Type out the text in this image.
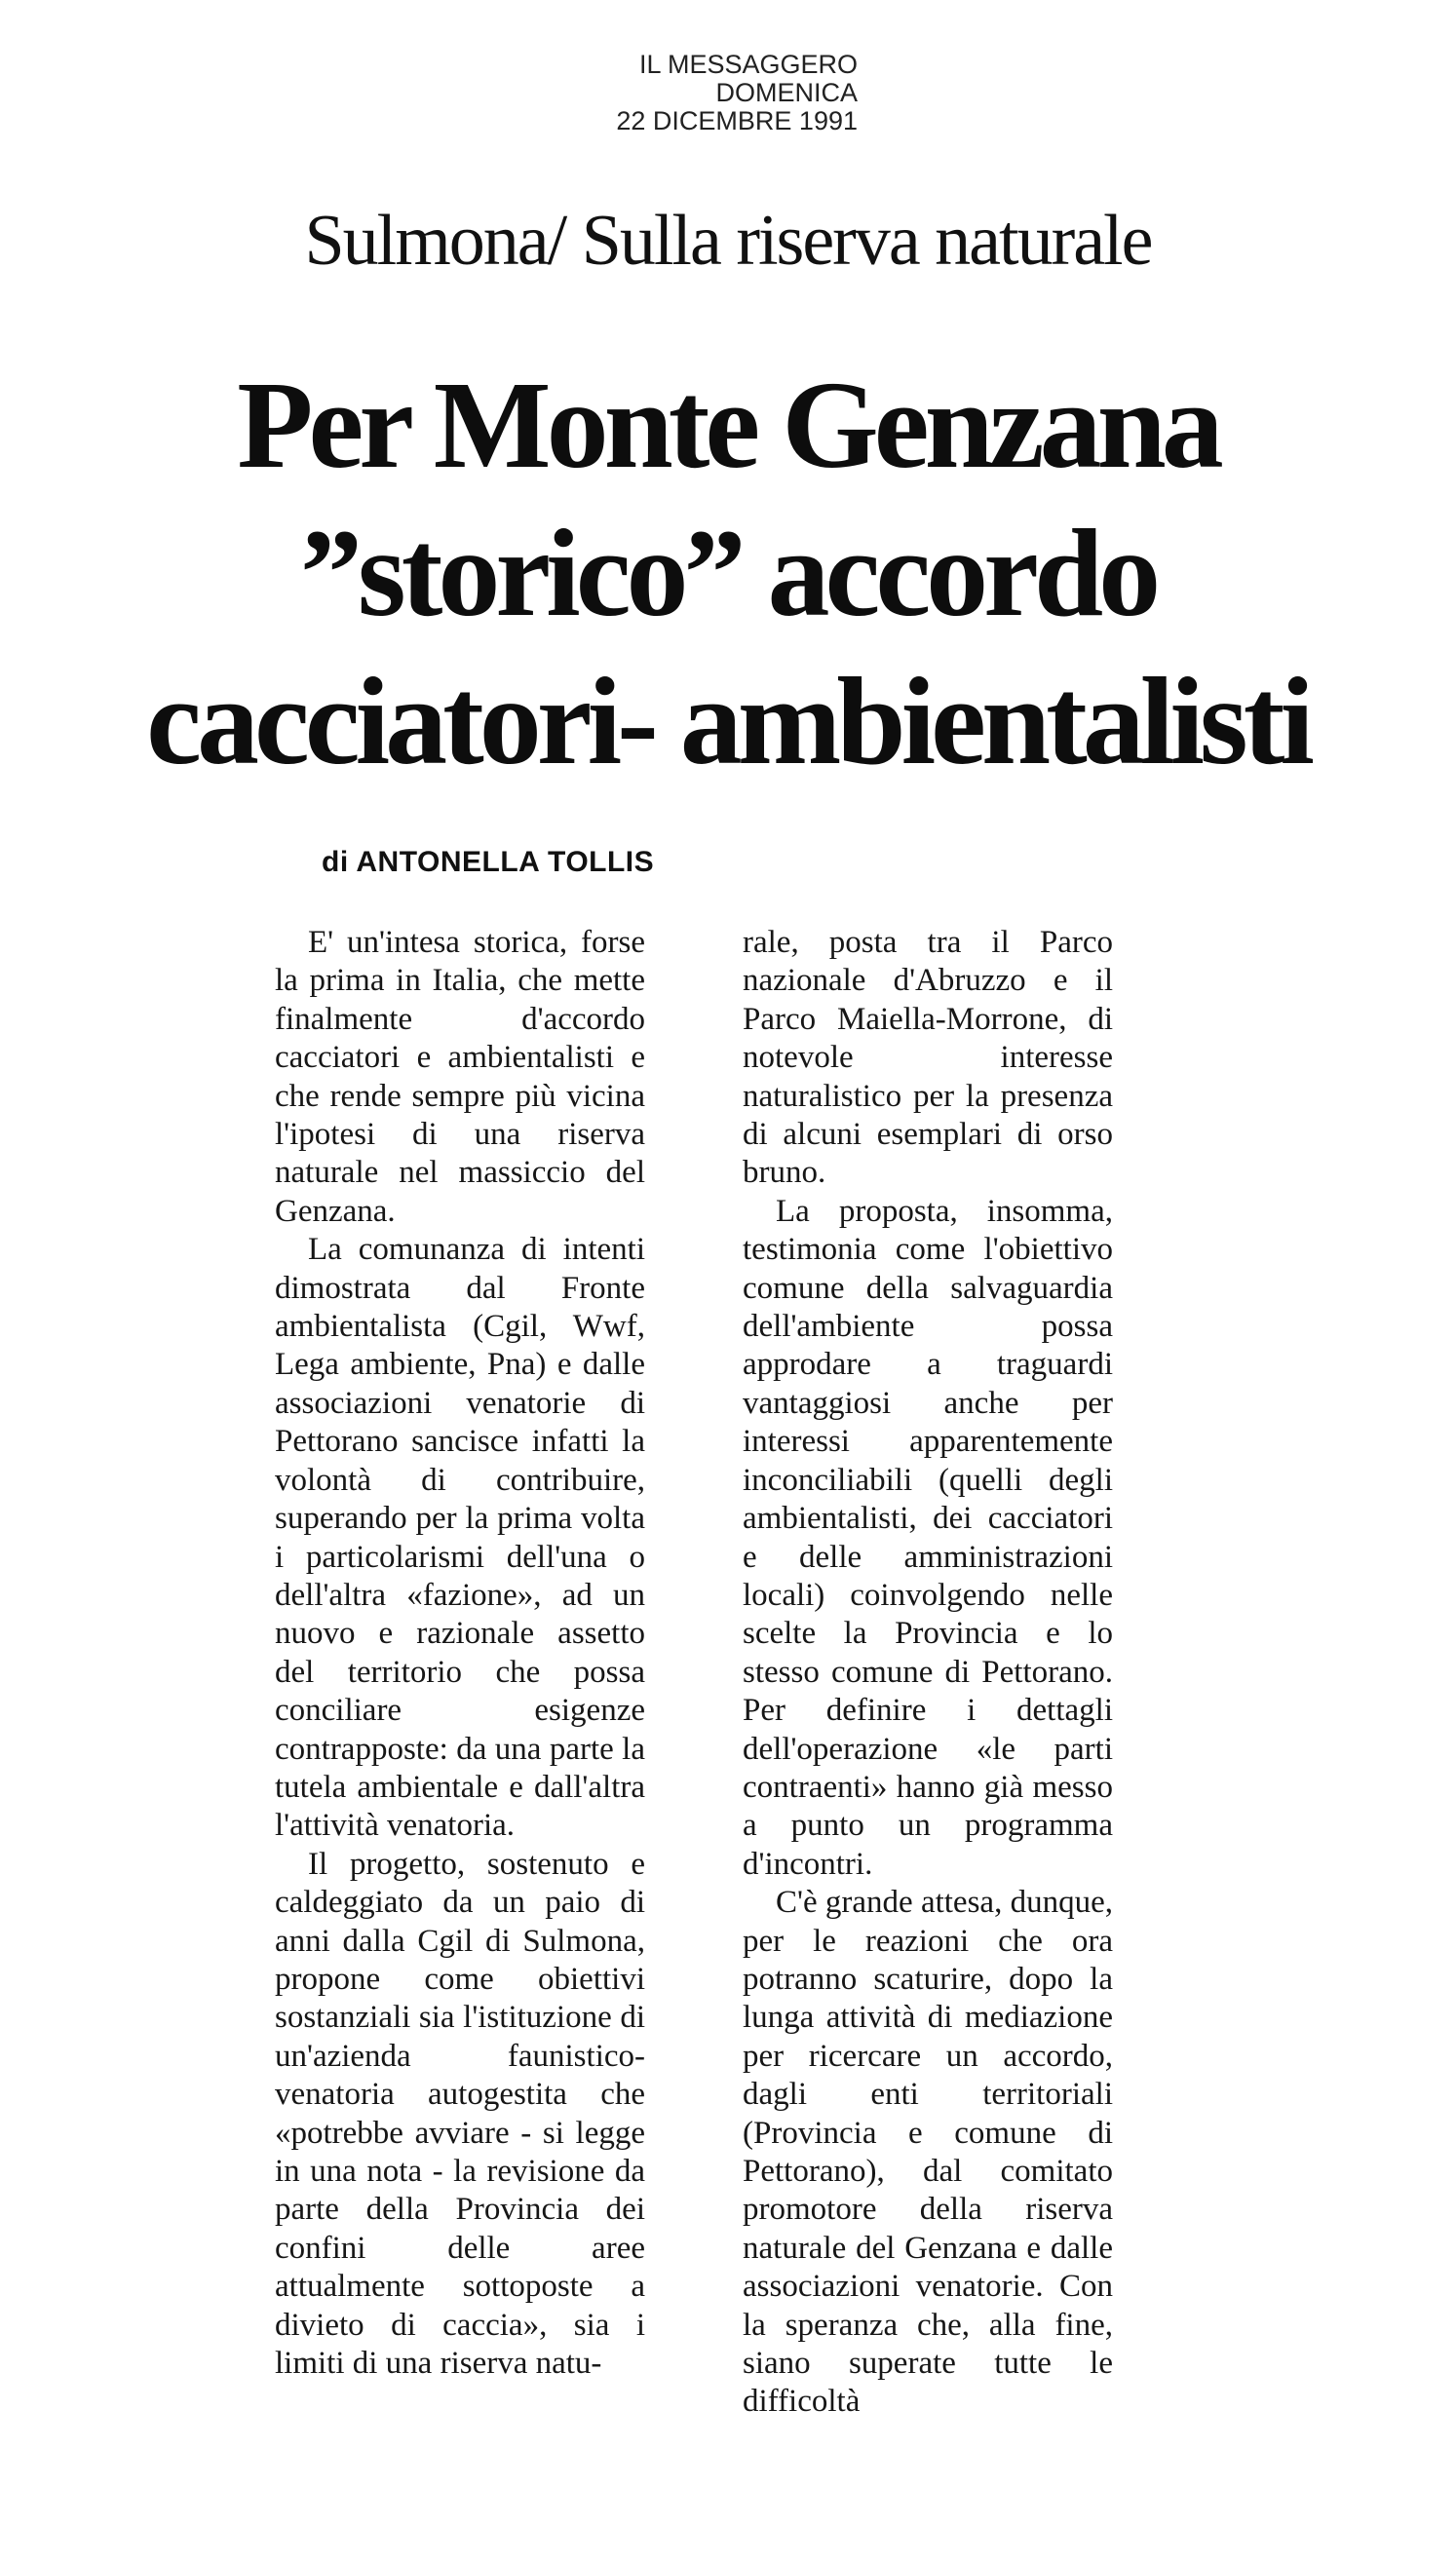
IL MESSAGGERO
DOMENICA
22 DICEMBRE 1991
Sulmona/ Sulla riserva naturale
Per Monte Genzana
”storico” accordo
cacciatori- ambientalisti
di ANTONELLA TOLLIS

E' un'intesa storica, forse la prima in Italia, che mette finalmente d'accordo cacciatori e ambientalisti e che rende sempre più vicina l'ipotesi di una riserva naturale nel massiccio del Genzana.

La comunanza di intenti dimostrata dal Fronte ambientalista (Cgil, Wwf, Lega ambiente, Pna) e dalle associazioni venatorie di Pettorano sancisce infatti la volontà di contribuire, superando per la prima volta i particolarismi dell'una o dell'altra «fazione», ad un nuovo e razionale assetto del territorio che possa conciliare esigenze contrapposte: da una parte la tutela ambientale e dall'altra l'attività venatoria.

Il progetto, sostenuto e caldeggiato da un paio di anni dalla Cgil di Sulmona, propone come obiettivi sostanziali sia l'istituzione di un'azienda faunistico-venatoria autogestita che «potrebbe avviare - si legge in una nota - la revisione da parte della Provincia dei confini delle aree attualmente sottoposte a divieto di caccia», sia i limiti di una riserva natu-

rale, posta tra il Parco nazionale d'Abruzzo e il Parco Maiella-Morrone, di notevole interesse naturalistico per la presenza di alcuni esemplari di orso bruno.

La proposta, insomma, testimonia come l'obiettivo comune della salvaguardia dell'ambiente possa approdare a traguardi vantaggiosi anche per interessi apparentemente inconciliabili (quelli degli ambientalisti, dei cacciatori e delle amministrazioni locali) coinvolgendo nelle scelte la Provincia e lo stesso comune di Pettorano. Per definire i dettagli dell'operazione «le parti contraenti» hanno già messo a punto un programma d'incontri.

C'è grande attesa, dunque, per le reazioni che ora potranno scaturire, dopo la lunga attività di mediazione per ricercare un accordo, dagli enti territoriali (Provincia e comune di Pettorano), dal comitato promotore della riserva naturale del Genzana e dalle associazioni venatorie. Con la speranza che, alla fine, siano superate tutte le difficoltà
